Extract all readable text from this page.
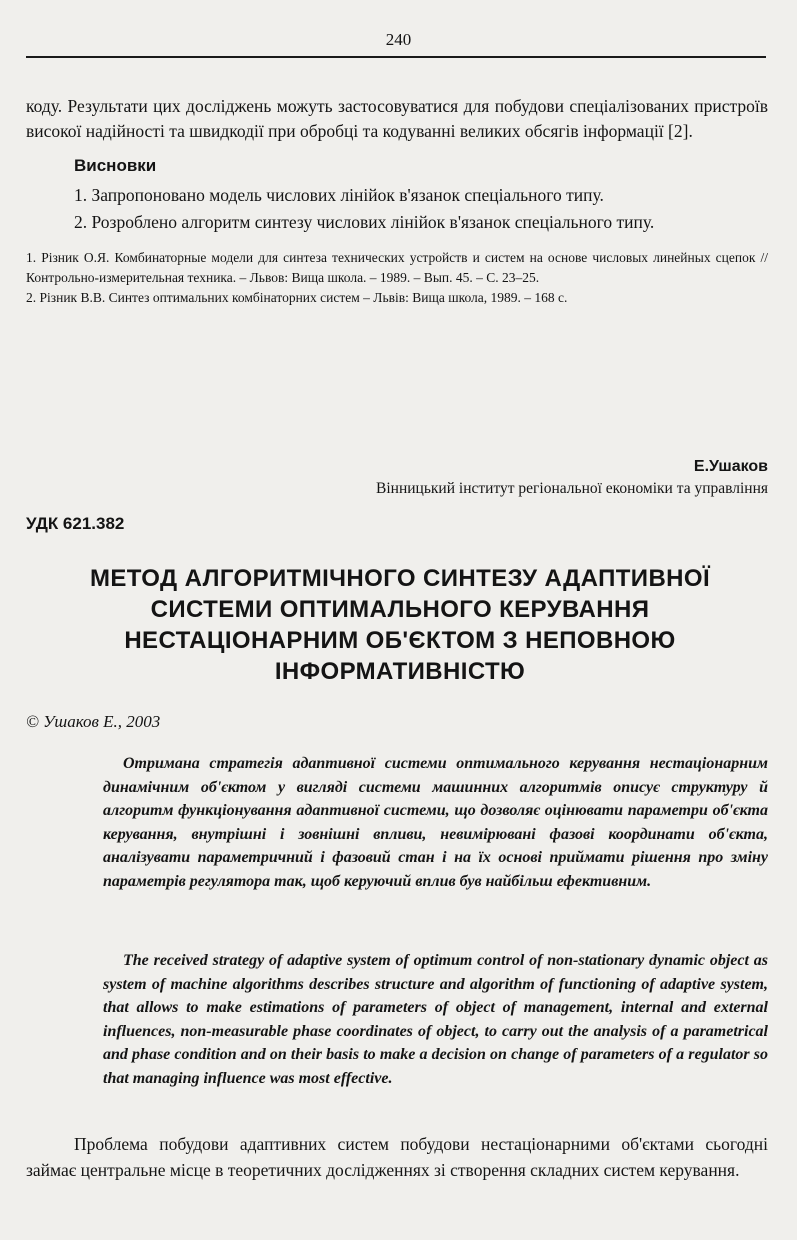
240

коду. Результати цих досліджень можуть застосовуватися для побудови спеціалізованих пристроїв високої надійності та швидкодії при обробці та кодуванні великих обсягів інформації [2].

Висновки
1. Запропоновано модель числових лінійок в'язанок спеціального типу.
2. Розроблено алгоритм синтезу числових лінійок в'язанок спеціального типу.

1. Різник О.Я. Комбинаторные модели для синтеза технических устройств и систем на основе числовых линейных сцепок // Контрольно-измерительная техника. – Львов: Вища школа. – 1989. – Вып. 45. – С. 23–25.

2. Різник В.В. Синтез оптимальних комбінаторних систем – Львів: Вища школа, 1989. – 168 с.

Е.Ушаков
Вінницький інститут регіональної економіки та управління
УДК 621.382
МЕТОД АЛГОРИТМІЧНОГО СИНТЕЗУ АДАПТИВНОЇ СИСТЕМИ ОПТИМАЛЬНОГО КЕРУВАННЯ НЕСТАЦІОНАРНИМ ОБ'ЄКТОМ З НЕПОВНОЮ ІНФОРМАТИВНІСТЮ
© Ушаков Е., 2003
Отримана стратегія адаптивної системи оптимального керування нестаціонарним динамічним об'єктом у вигляді системи машинних алгоритмів описує структуру й алгоритм функціонування адаптивної системи, що дозволяє оцінювати параметри об'єкта керування, внутрішні і зовнішні впливи, невимірювані фазові координати об'єкта, аналізувати параметричний і фазовий стан і на їх основі приймати рішення про зміну параметрів регулятора так, щоб керуючий вплив був найбільш ефективним.
The received strategy of adaptive system of optimum control of non-stationary dynamic object as system of machine algorithms describes structure and algorithm of functioning of adaptive system, that allows to make estimations of parameters of object of management, internal and external influences, non-measurable phase coordinates of object, to carry out the analysis of a parametrical and phase condition and on their basis to make a decision on change of parameters of a regulator so that managing influence was most effective.

Проблема побудови адаптивних систем побудови нестаціонарними об'єктами сьогодні займає центральне місце в теоретичних дослідженнях зі створення складних систем керування.
